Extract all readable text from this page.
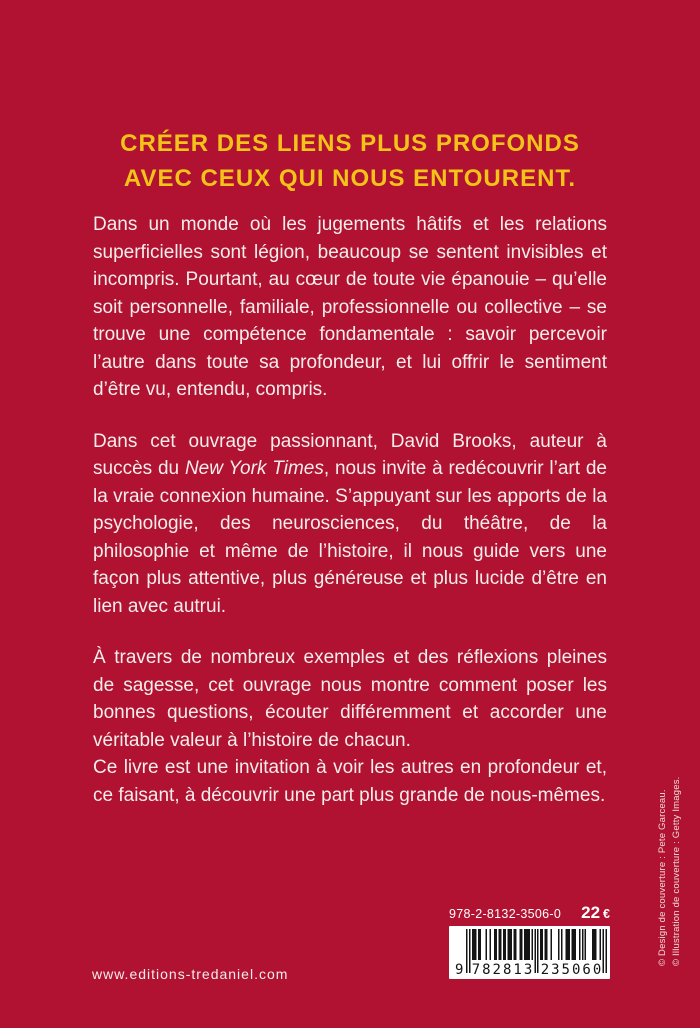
CRÉER DES LIENS PLUS PROFONDS
AVEC CEUX QUI NOUS ENTOURENT.

Dans un monde où les jugements hâtifs et les relations superficielles sont légion, beaucoup se sentent invisibles et incompris. Pourtant, au cœur de toute vie épanouie – qu’elle soit personnelle, familiale, professionnelle ou collective – se trouve une compétence fondamentale : savoir percevoir l’autre dans toute sa profondeur, et lui offrir le sentiment d’être vu, entendu, compris.

Dans cet ouvrage passionnant, David Brooks, auteur à succès du New York Times, nous invite à redécouvrir l’art de la vraie connexion humaine. S’appuyant sur les apports de la psychologie, des neurosciences, du théâtre, de la philosophie et même de l’histoire, il nous guide vers une façon plus attentive, plus généreuse et plus lucide d’être en lien avec autrui.

À travers de nombreux exemples et des réflexions pleines de sagesse, cet ouvrage nous montre comment poser les bonnes questions, écouter différemment et accorder une véritable valeur à l’histoire de chacun.

Ce livre est une invitation à voir les autres en profondeur et, ce faisant, à découvrir une part plus grande de nous-mêmes.

www.editions-tredaniel.com
978-2-8132-3506-0 22 €
9 782813 235060
© Design de couverture : Pete Garceau. © Illustration de couverture : Getty Images.
